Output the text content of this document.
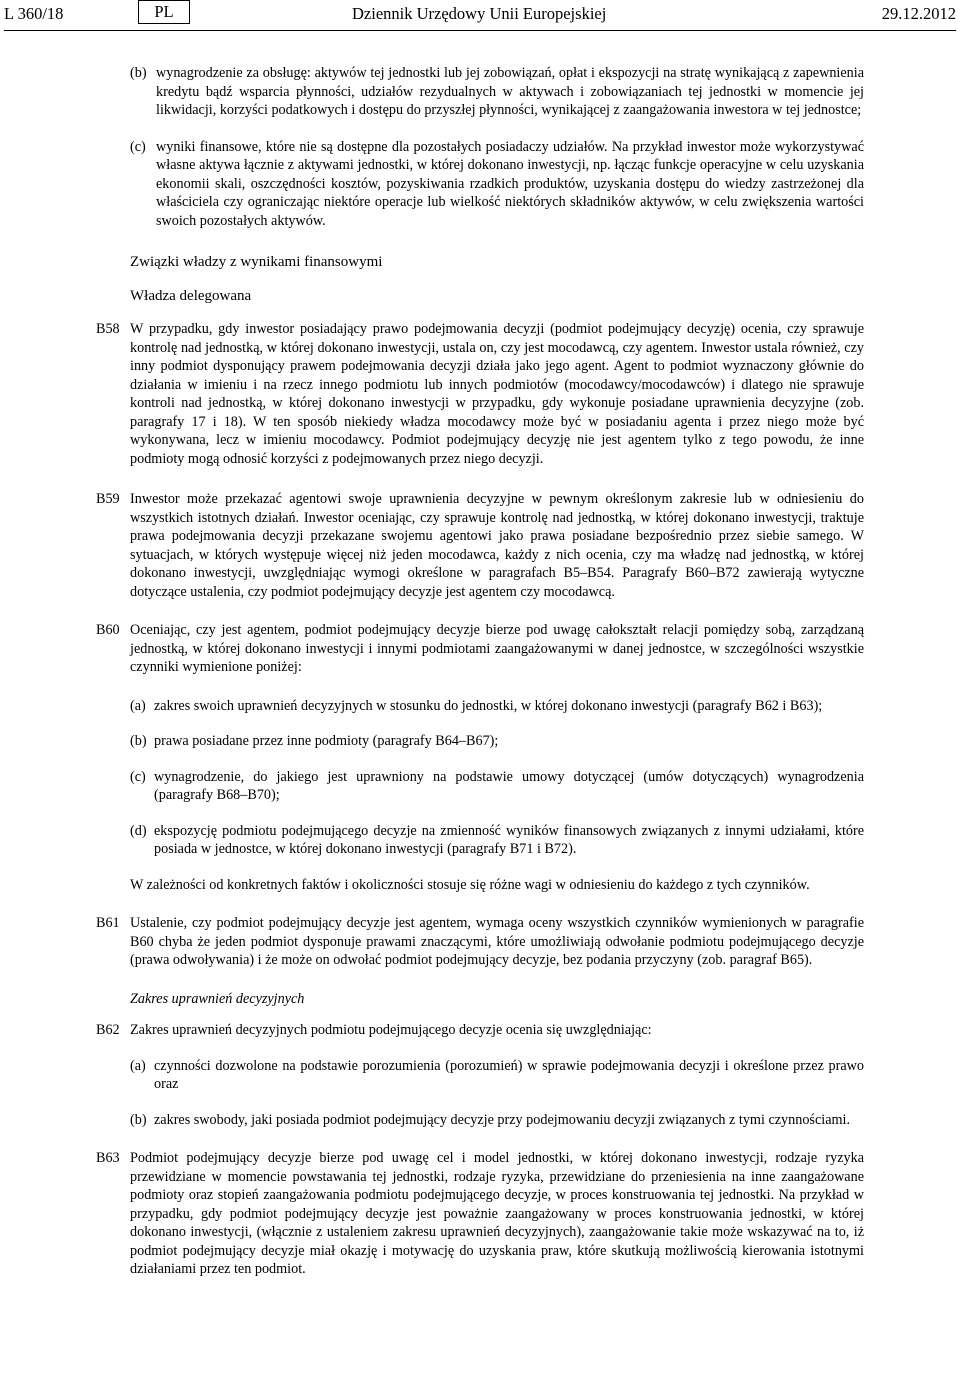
L 360/18	PL	Dziennik Urzędowy Unii Europejskiej	29.12.2012
(b) wynagrodzenie za obsługę: aktywów tej jednostki lub jej zobowiązań, opłat i ekspozycji na stratę wynikającą z zapewnienia kredytu bądź wsparcia płynności, udziałów rezydualnych w aktywach i zobowiązaniach tej jednostki w momencie jej likwidacji, korzyści podatkowych i dostępu do przyszłej płynności, wynikającej z zaangażowania inwestora w tej jednostce;
(c) wyniki finansowe, które nie są dostępne dla pozostałych posiadaczy udziałów. Na przykład inwestor może wykorzystywać własne aktywa łącznie z aktywami jednostki, w której dokonano inwestycji, np. łącząc funkcje operacyjne w celu uzyskania ekonomii skali, oszczędności kosztów, pozyskiwania rzadkich produktów, uzyskania dostępu do wiedzy zastrzeżonej dla właściciela czy ograniczając niektóre operacje lub wielkość niektórych składników aktywów, w celu zwiększenia wartości swoich pozostałych aktywów.
Związki władzy z wynikami finansowymi
Władza delegowana
B58 W przypadku, gdy inwestor posiadający prawo podejmowania decyzji (podmiot podejmujący decyzję) ocenia, czy sprawuje kontrolę nad jednostką, w której dokonano inwestycji, ustala on, czy jest mocodawcą, czy agentem. Inwestor ustala również, czy inny podmiot dysponujący prawem podejmowania decyzji działa jako jego agent. Agent to podmiot wyznaczony głównie do działania w imieniu i na rzecz innego podmiotu lub innych podmiotów (mocodawcy/mocodawców) i dlatego nie sprawuje kontroli nad jednostką, w której dokonano inwestycji w przypadku, gdy wykonuje posiadane uprawnienia decyzyjne (zob. paragrafy 17 i 18). W ten sposób niekiedy władza mocodawcy może być w posiadaniu agenta i przez niego może być wykonywana, lecz w imieniu mocodawcy. Podmiot podejmujący decyzję nie jest agentem tylko z tego powodu, że inne podmioty mogą odnosić korzyści z podejmowanych przez niego decyzji.
B59 Inwestor może przekazać agentowi swoje uprawnienia decyzyjne w pewnym określonym zakresie lub w odniesieniu do wszystkich istotnych działań. Inwestor oceniając, czy sprawuje kontrolę nad jednostką, w której dokonano inwestycji, traktuje prawa podejmowania decyzji przekazane swojemu agentowi jako prawa posiadane bezpośrednio przez siebie samego. W sytuacjach, w których występuje więcej niż jeden mocodawca, każdy z nich ocenia, czy ma władzę nad jednostką, w której dokonano inwestycji, uwzględniając wymogi określone w paragrafach B5–B54. Paragrafy B60–B72 zawierają wytyczne dotyczące ustalenia, czy podmiot podejmujący decyzje jest agentem czy mocodawcą.
B60 Oceniając, czy jest agentem, podmiot podejmujący decyzje bierze pod uwagę całokształt relacji pomiędzy sobą, zarządzaną jednostką, w której dokonano inwestycji i innymi podmiotami zaangażowanymi w danej jednostce, w szczególności wszystkie czynniki wymienione poniżej:
(a) zakres swoich uprawnień decyzyjnych w stosunku do jednostki, w której dokonano inwestycji (paragrafy B62 i B63);
(b) prawa posiadane przez inne podmioty (paragrafy B64–B67);
(c) wynagrodzenie, do jakiego jest uprawniony na podstawie umowy dotyczącej (umów dotyczących) wynagrodzenia (paragrafy B68–B70);
(d) ekspozycję podmiotu podejmującego decyzje na zmienność wyników finansowych związanych z innymi udziałami, które posiada w jednostce, w której dokonano inwestycji (paragrafy B71 i B72).

W zależności od konkretnych faktów i okoliczności stosuje się różne wagi w odniesieniu do każdego z tych czynników.

B61 Ustalenie, czy podmiot podejmujący decyzje jest agentem, wymaga oceny wszystkich czynników wymienionych w paragrafie B60 chyba że jeden podmiot dysponuje prawami znaczącymi, które umożliwiają odwołanie podmiotu podejmującego decyzje (prawa odwoływania) i że może on odwołać podmiot podejmujący decyzje, bez podania przyczyny (zob. paragraf B65).
Zakres uprawnień decyzyjnych
B62 Zakres uprawnień decyzyjnych podmiotu podejmującego decyzje ocenia się uwzględniając:
(a) czynności dozwolone na podstawie porozumienia (porozumień) w sprawie podejmowania decyzji i określone przez prawo oraz
(b) zakres swobody, jaki posiada podmiot podejmujący decyzje przy podejmowaniu decyzji związanych z tymi czynnościami.
B63 Podmiot podejmujący decyzje bierze pod uwagę cel i model jednostki, w której dokonano inwestycji, rodzaje ryzyka przewidziane w momencie powstawania tej jednostki, rodzaje ryzyka, przewidziane do przeniesienia na inne zaangażowane podmioty oraz stopień zaangażowania podmiotu podejmującego decyzje, w proces konstruowania tej jednostki. Na przykład w przypadku, gdy podmiot podejmujący decyzje jest poważnie zaangażowany w proces konstruowania jednostki, w której dokonano inwestycji, (włącznie z ustaleniem zakresu uprawnień decyzyjnych), zaangażowanie takie może wskazywać na to, iż podmiot podejmujący decyzje miał okazję i motywację do uzyskania praw, które skutkują możliwością kierowania istotnymi działaniami przez ten podmiot.
